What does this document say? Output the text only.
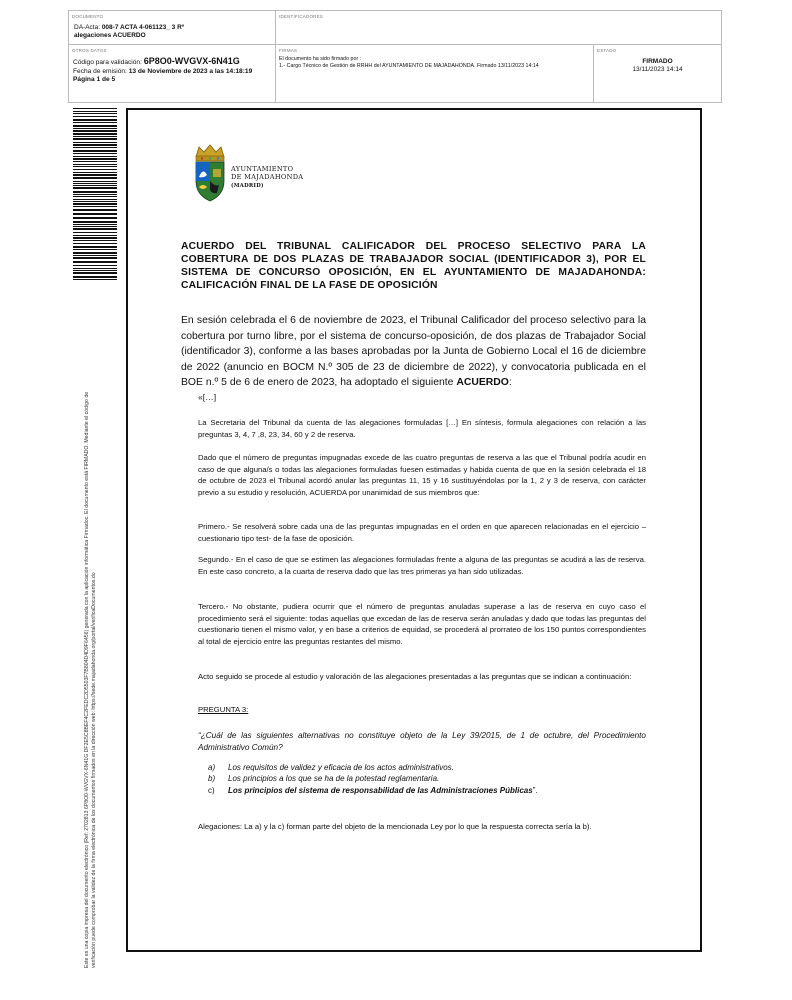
DOCUMENTO
DA-Acta: 008-7 ACTA 4-061123_ 3 Rº
alegaciones ACUERDO
IDENTIFICADORES
OTROS DATOS
Código para validación: 6P8O0-WVGVX-6N41G
Fecha de emisión: 13 de Noviembre de 2023 a las 14:18:19
Página 1 de 5
FIRMAS
El documento ha sido firmado por :
1.- Cargo Técnico de Gestión de RRHH del AYUNTAMIENTO DE MAJADAHONDA. Firmado 13/11/2023 14:14
ESTADO
FIRMADO
13/11/2023 14:14
Este es una copia impresa del documento electrónico (Ref: 2702813 6P8O0-WVGVX-6N41G DF2E5C8BEF4C2FEDC2D5503F7B804D4D9F6456) generada con la aplicación informática Firmadoc. El documento está FIRMADO. Mediante el código de verificación puede comprobar la validez de la firma electrónica de los documentos firmados en la dirección web: https://sede.majadahonda.org/portal/verificaDocumentos.do
AYUNTAMIENTO
DE MAJADAHONDA
(MADRID)
ACUERDO DEL TRIBUNAL CALIFICADOR DEL PROCESO SELECTIVO PARA LA COBERTURA DE DOS PLAZAS DE TRABAJADOR SOCIAL (IDENTIFICADOR 3), POR EL SISTEMA DE CONCURSO OPOSICIÓN, EN EL AYUNTAMIENTO DE MAJADAHONDA: CALIFICACIÓN FINAL DE LA FASE DE OPOSICIÓN
En sesión celebrada el 6 de noviembre de 2023, el Tribunal Calificador del proceso selectivo para la cobertura por turno libre, por el sistema de concurso-oposición, de dos plazas de Trabajador Social (identificador 3), conforme a las bases aprobadas por la Junta de Gobierno Local el 16 de diciembre de 2022 (anuncio en BOCM N.º 305 de 23 de diciembre de 2022), y convocatoria publicada en el BOE n.º 5 de 6 de enero de 2023, ha adoptado el siguiente ACUERDO:
«[…]
La Secretaria del Tribunal da cuenta de las alegaciones formuladas […] En síntesis, formula alegaciones con relación a las preguntas 3, 4, 7 ,8, 23, 34, 60 y 2 de reserva.
Dado que el número de preguntas impugnadas excede de las cuatro preguntas de reserva a las que el Tribunal podría acudir en caso de que alguna/s o todas las alegaciones formuladas fuesen estimadas y habida cuenta de que en la sesión celebrada el 18 de octubre de 2023 el Tribunal acordó anular las preguntas 11, 15 y 16 sustituyéndolas por la 1, 2 y 3 de reserva, con carácter previo a su estudio y resolución, ACUERDA por unanimidad de sus miembros que:
Primero.- Se resolverá sobre cada una de las preguntas impugnadas en el orden en que aparecen relacionadas en el ejercicio –cuestionario tipo test- de la fase de oposición.
Segundo.- En el caso de que se estimen las alegaciones formuladas frente a alguna de las preguntas se acudirá a las de reserva. En este caso concreto, a la cuarta de reserva dado que las tres primeras ya han sido utilizadas.
Tercero.- No obstante, pudiera ocurrir que el número de preguntas anuladas superase a las de reserva en cuyo caso el procedimiento será el siguiente: todas aquellas que excedan de las de reserva serán anuladas y dado que todas las preguntas del cuestionario tienen el mismo valor, y en base a criterios de equidad, se procederá al prorrateo de los 150 puntos correspondientes al total de ejercicio entre las preguntas restantes del mismo.
Acto seguido se procede al estudio y valoración de las alegaciones presentadas a las preguntas que se indican a continuación:
PREGUNTA 3:
“¿Cuál de las siguientes alternativas no constituye objeto de la Ley 39/2015, de 1 de octubre, del Procedimiento Administrativo Común?
a) Los requisitos de validez y eficacia de los actos administrativos.
b) Los principios a los que se ha de la potestad reglamentaria.
c) Los principios del sistema de responsabilidad de las Administraciones Públicas”.
Alegaciones: La a) y la c) forman parte del objeto de la mencionada Ley por lo que la respuesta correcta sería la b).
